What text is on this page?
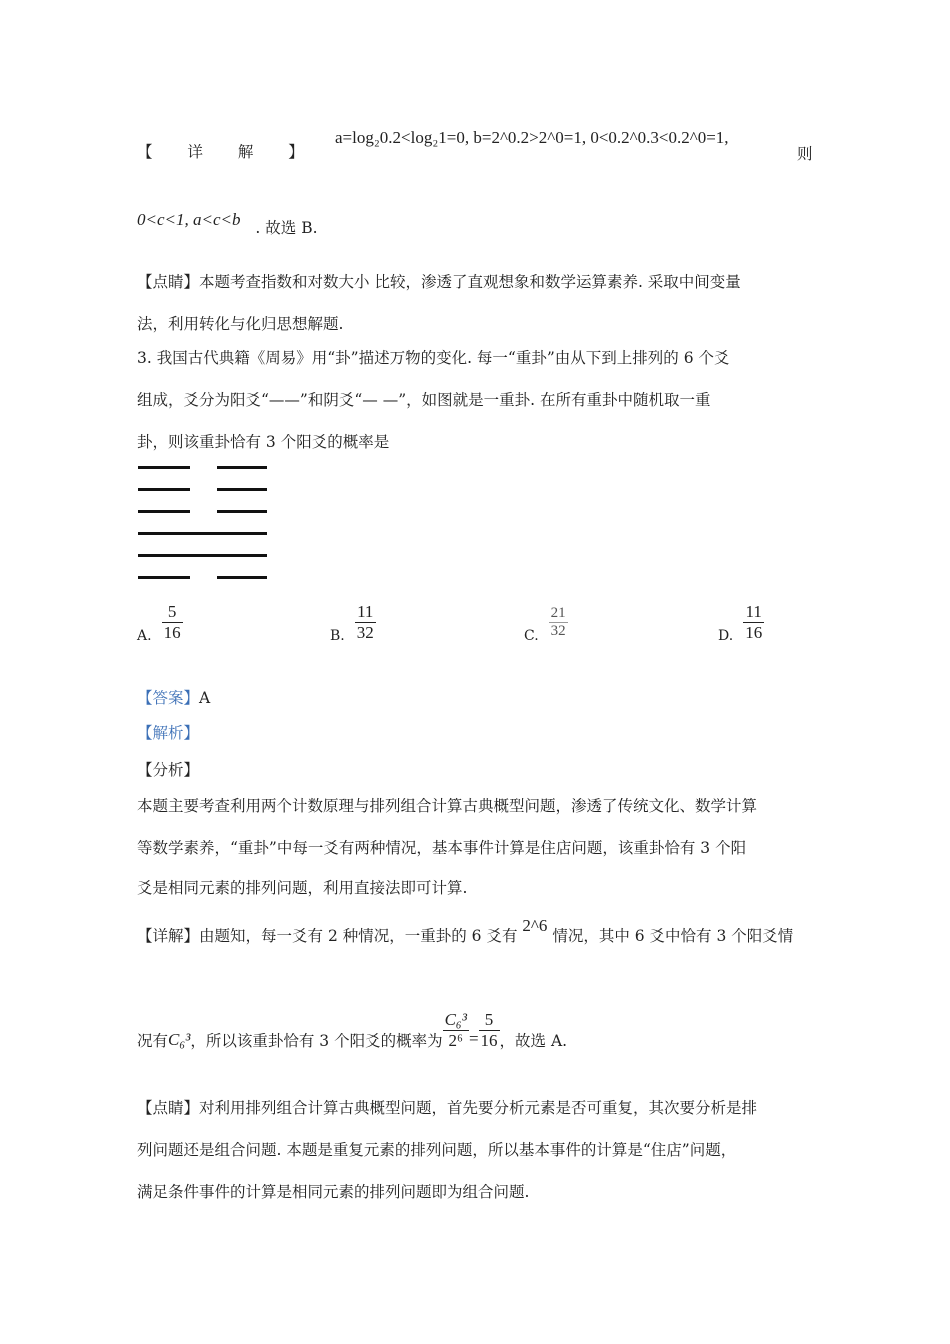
【 详 解 】
a=log₂0.2<log₂1=0, b=2^0.2>2^0=1, 0<0.2^0.3<0.2^0=1,
则
0<c<1, a<c<b . 故选 B.
【点睛】本题考查指数和对数大小 比较，渗透了直观想象和数学运算素养. 采取中间变量
法，利用转化与化归思想解题.
3. 我国古代典籍《周易》用“卦”描述万物的变化. 每一“重卦”由从下到上排列的 6 个爻
组成，爻分为阳爻“——”和阴爻“— —”，如图就是一重卦. 在所有重卦中随机取一重
卦，则该重卦恰有 3 个阳爻的概率是
A. $\frac{5}{16}$	B. $\frac{11}{32}$	C. $\frac{21}{32}$	D. $\frac{11}{16}$
【答案】A
【解析】
【分析】
本题主要考查利用两个计数原理与排列组合计算古典概型问题，渗透了传统文化、数学计算
等数学素养，“重卦”中每一爻有两种情况，基本事件计算是住店问题，该重卦恰有 3 个阳
爻是相同元素的排列问题，利用直接法即可计算.
【详解】由题知，每一爻有 2 种情况，一重卦的 6 爻有 2^6 情况，其中 6 爻中恰有 3 个阳爻情
况有 C₆³ ，所以该重卦恰有 3 个阳爻的概率为 $\frac{\text{C₆³}}{\text{2⁶}} = \frac{5}{16}$ ，故选 A.
【点睛】对利用排列组合计算古典概型问题，首先要分析元素是否可重复，其次要分析是排
列问题还是组合问题. 本题是重复元素的排列问题，所以基本事件的计算是“住店”问题，
满足条件事件的计算是相同元素的排列问题即为组合问题.
